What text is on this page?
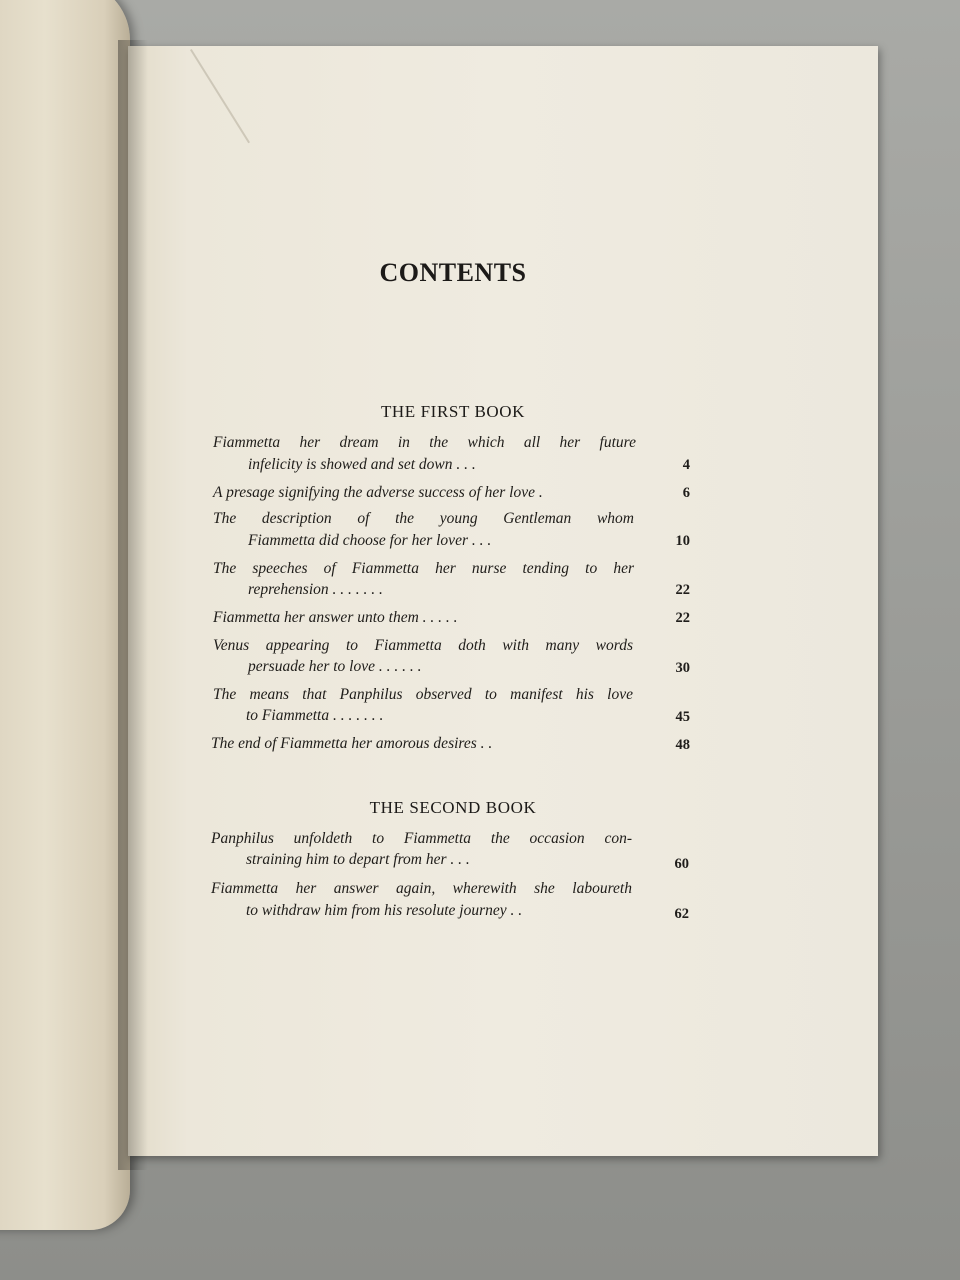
CONTENTS
THE FIRST BOOK
THE SECOND BOOK
Fiammetta her dream in the which all her future
infelicity is showed and set down . . .	4
A presage signifying the adverse success of her love .	6
The description of the young Gentleman whom
Fiammetta did choose for her lover . . .	10
The speeches of Fiammetta her nurse tending to her
reprehension . . . . . . .	22
Fiammetta her answer unto them . . . . .	22
Venus appearing to Fiammetta doth with many words
persuade her to love . . . . . .	30
The means that Panphilus observed to manifest his love
to Fiammetta . . . . . . .	45
The end of Fiammetta her amorous desires . .	48
Panphilus unfoldeth to Fiammetta the occasion con-
straining him to depart from her . . .	60
Fiammetta her answer again, wherewith she laboureth
to withdraw him from his resolute journey . .	62
